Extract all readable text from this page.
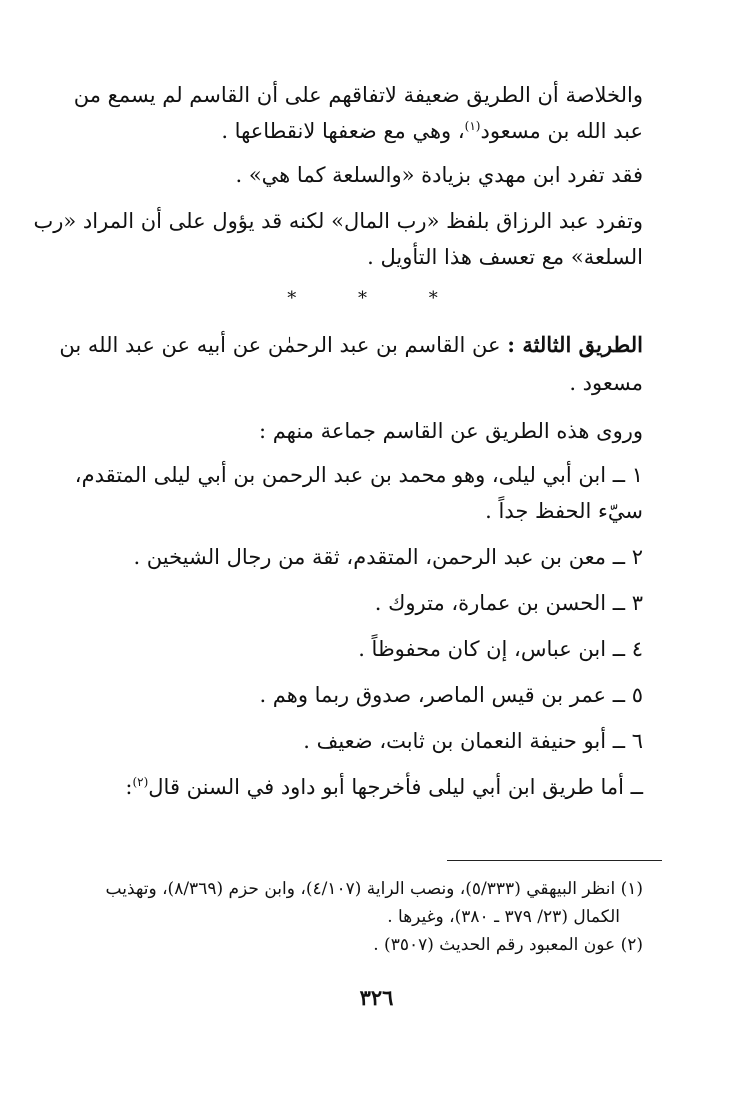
والخلاصة أن الطريق ضعيفة لاتفاقهم على أن القاسم لم يسمع من
عبد الله بن مسعود$^{(١)}$، وهي مع ضعفها لانقطاعها .
فقد تفرد ابن مهدي بزيادة «والسلعة كما هي» .
وتفرد عبد الرزاق بلفظ «رب المال» لكنه قد يؤول على أن المراد «رب
السلعة» مع تعسف هذا التأويل .
* * *
الطريق الثالثة : عن القاسم بن عبد الرحمٰن عن أبيه عن عبد الله بن
مسعود .
وروى هذه الطريق عن القاسم جماعة منهم :
١ ــ ابن أبي ليلى، وهو محمد بن عبد الرحمن بن أبي ليلى المتقدم،
سيّء الحفظ جداً .
٢ ــ معن بن عبد الرحمن، المتقدم، ثقة من رجال الشيخين .
٣ ــ الحسن بن عمارة، متروك .
٤ ــ ابن عباس، إن كان محفوظاً .
٥ ــ عمر بن قيس الماصر، صدوق ربما وهم .
٦ ــ أبو حنيفة النعمان بن ثابت، ضعيف .
ــ أما طريق ابن أبي ليلى فأخرجها أبو داود في السنن قال$^{(٢)}$:
(١) انظر البيهقي (٥/٣٣٣)، ونصب الراية (٤/١٠٧)، وابن حزم (٨/٣٦٩)، وتهذيب
الكمال (٢٣/ ٣٧٩ ـ ٣٨٠)، وغيرها .
(٢) عون المعبود رقم الحديث (٣٥٠٧) .
٣٢٦
